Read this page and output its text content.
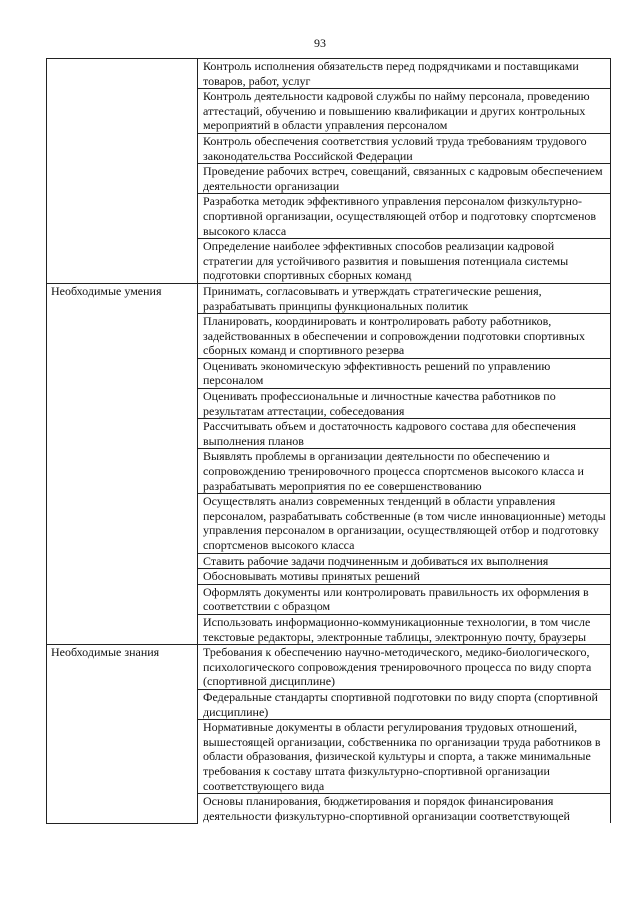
93
	Контроль исполнения обязательств перед подрядчиками и поставщиками товаров, работ, услуг
	Контроль деятельности кадровой службы по найму персонала, проведению аттестаций, обучению и повышению квалификации и других контрольных мероприятий в области управления персоналом
	Контроль обеспечения соответствия условий труда требованиям трудового законодательства Российской Федерации
	Проведение рабочих встреч, совещаний, связанных с кадровым обеспечением деятельности организации
	Разработка методик эффективного управления персоналом физкультурно-спортивной организации, осуществляющей отбор и подготовку спортсменов высокого класса
	Определение наиболее эффективных способов реализации кадровой стратегии для устойчивого развития и повышения потенциала системы подготовки спортивных сборных команд
Необходимые умения	Принимать, согласовывать и утверждать стратегические решения, разрабатывать принципы функциональных политик
	Планировать, координировать и контролировать работу работников, задействованных в обеспечении и сопровождении подготовки спортивных сборных команд и спортивного резерва
	Оценивать экономическую эффективность решений по управлению персоналом
	Оценивать профессиональные и личностные качества работников по результатам аттестации, собеседования
	Рассчитывать объем и достаточность кадрового состава для обеспечения выполнения планов
	Выявлять проблемы в организации деятельности по обеспечению и сопровождению тренировочного процесса спортсменов высокого класса и разрабатывать мероприятия по ее совершенствованию
	Осуществлять анализ современных тенденций в области управления персоналом, разрабатывать собственные (в том числе инновационные) методы управления персоналом в организации, осуществляющей отбор и подготовку спортсменов высокого класса
	Ставить рабочие задачи подчиненным и добиваться их выполнения
	Обосновывать мотивы принятых решений
	Оформлять документы или контролировать правильность их оформления в соответствии с образцом
	Использовать информационно-коммуникационные технологии, в том числе текстовые редакторы, электронные таблицы, электронную почту, браузеры
Необходимые знания	Требования к обеспечению научно-методического, медико-биологического, психологического сопровождения тренировочного процесса по виду спорта (спортивной дисциплине)
	Федеральные стандарты спортивной подготовки по виду спорта (спортивной дисциплине)
	Нормативные документы в области регулирования трудовых отношений, вышестоящей организации, собственника по организации труда работников в области образования, физической культуры и спорта, а также минимальные требования к составу штата физкультурно-спортивной организации соответствующего вида
	Основы планирования, бюджетирования и порядок финансирования деятельности физкультурно-спортивной организации соответствующей
